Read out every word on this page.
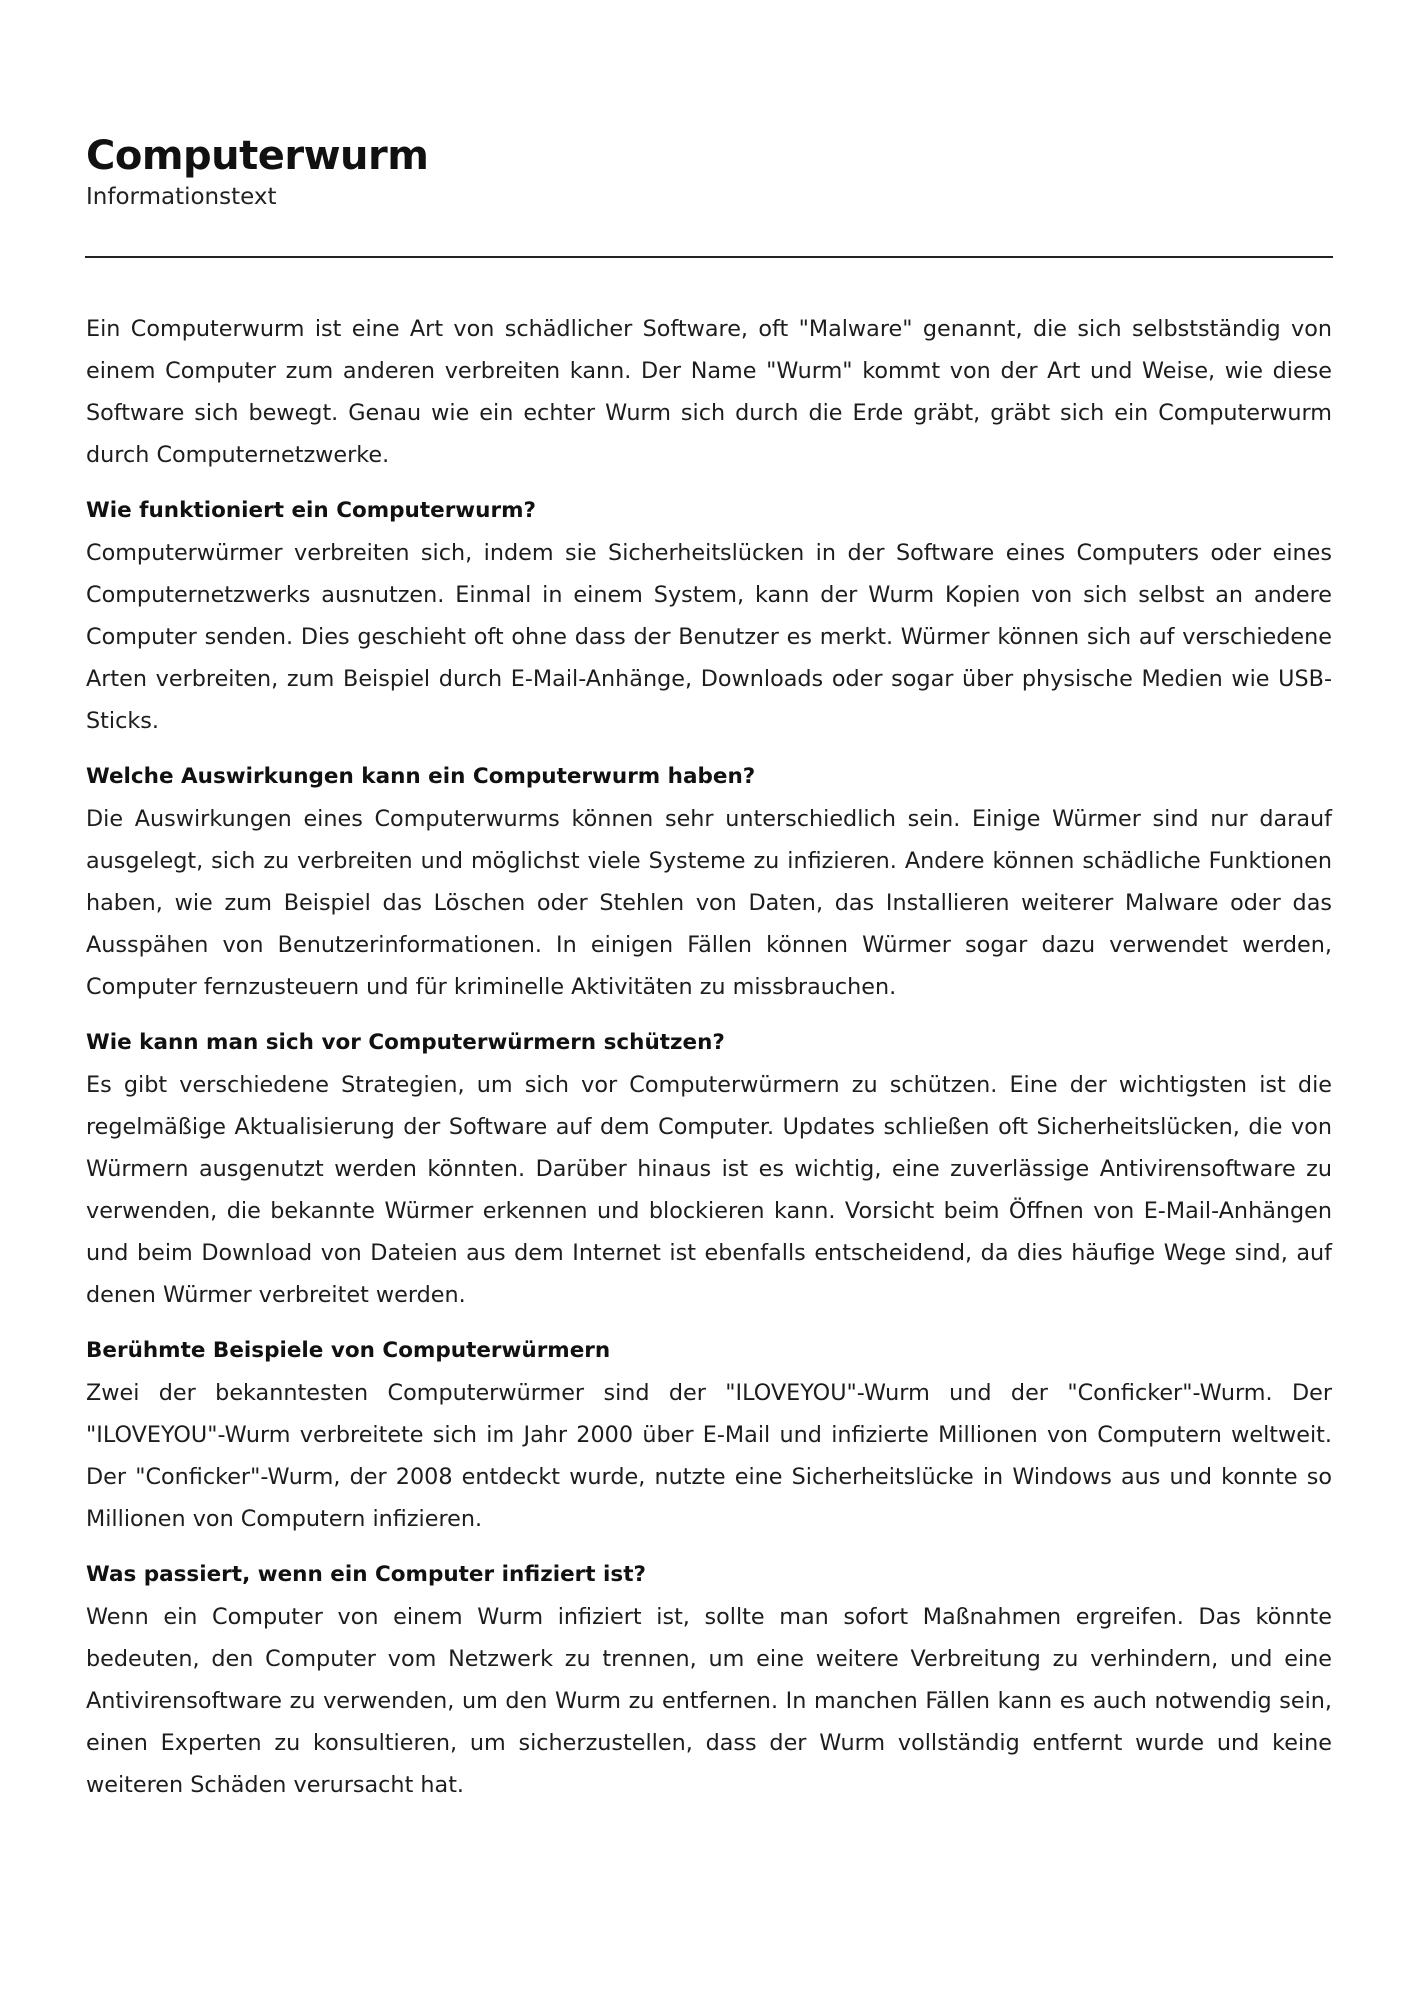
Computerwurm
Informationstext

Ein Computerwurm ist eine Art von schädlicher Software, oft "Malware" genannt, die sich selbstständig von einem Computer zum anderen verbreiten kann. Der Name "Wurm" kommt von der Art und Weise, wie diese Software sich bewegt. Genau wie ein echter Wurm sich durch die Erde gräbt, gräbt sich ein Computerwurm durch Computernetzwerke.

Wie funktioniert ein Computerwurm?

Computerwürmer verbreiten sich, indem sie Sicherheitslücken in der Software eines Computers oder eines Computernetzwerks ausnutzen. Einmal in einem System, kann der Wurm Kopien von sich selbst an andere Computer senden. Dies geschieht oft ohne dass der Benutzer es merkt. Würmer können sich auf verschiedene Arten verbreiten, zum Beispiel durch E-Mail-Anhänge, Downloads oder sogar über physische Medien wie USB-Sticks.

Welche Auswirkungen kann ein Computerwurm haben?

Die Auswirkungen eines Computerwurms können sehr unterschiedlich sein. Einige Würmer sind nur darauf ausgelegt, sich zu verbreiten und möglichst viele Systeme zu infizieren. Andere können schädliche Funktionen haben, wie zum Beispiel das Löschen oder Stehlen von Daten, das Installieren weiterer Malware oder das Ausspähen von Benutzerinformationen. In einigen Fällen können Würmer sogar dazu verwendet werden, Computer fernzusteuern und für kriminelle Aktivitäten zu missbrauchen.

Wie kann man sich vor Computerwürmern schützen?

Es gibt verschiedene Strategien, um sich vor Computerwürmern zu schützen. Eine der wichtigsten ist die regelmäßige Aktualisierung der Software auf dem Computer. Updates schließen oft Sicherheitslücken, die von Würmern ausgenutzt werden könnten. Darüber hinaus ist es wichtig, eine zuverlässige Antivirensoftware zu verwenden, die bekannte Würmer erkennen und blockieren kann. Vorsicht beim Öffnen von E-Mail-Anhängen und beim Download von Dateien aus dem Internet ist ebenfalls entscheidend, da dies häufige Wege sind, auf denen Würmer verbreitet werden.

Berühmte Beispiele von Computerwürmern

Zwei der bekanntesten Computerwürmer sind der "ILOVEYOU"-Wurm und der "Conficker"-Wurm. Der "ILOVEYOU"-Wurm verbreitete sich im Jahr 2000 über E-Mail und infizierte Millionen von Computern weltweit. Der "Conficker"-Wurm, der 2008 entdeckt wurde, nutzte eine Sicherheitslücke in Windows aus und konnte so Millionen von Computern infizieren.

Was passiert, wenn ein Computer infiziert ist?

Wenn ein Computer von einem Wurm infiziert ist, sollte man sofort Maßnahmen ergreifen. Das könnte bedeuten, den Computer vom Netzwerk zu trennen, um eine weitere Verbreitung zu verhindern, und eine Antivirensoftware zu verwenden, um den Wurm zu entfernen. In manchen Fällen kann es auch notwendig sein, einen Experten zu konsultieren, um sicherzustellen, dass der Wurm vollständig entfernt wurde und keine weiteren Schäden verursacht hat.
